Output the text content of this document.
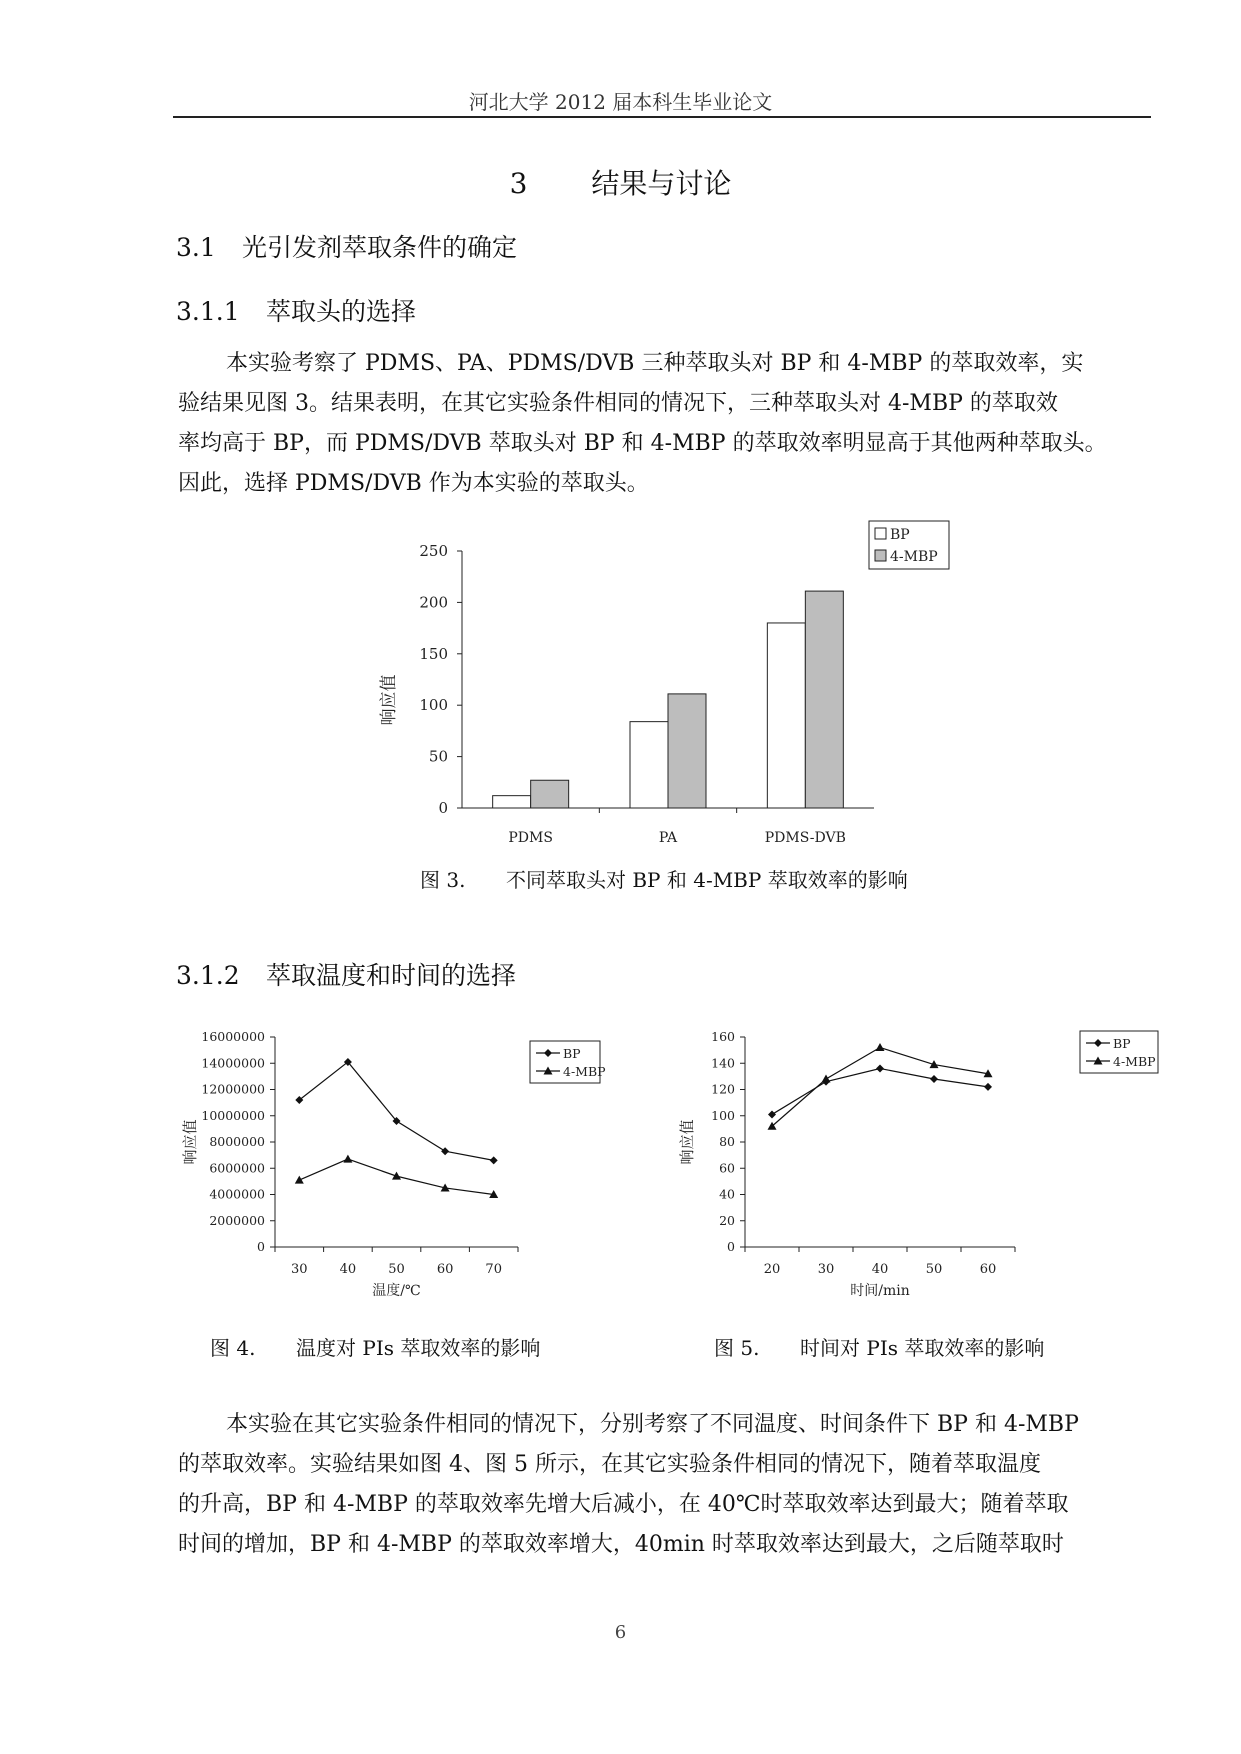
河北大学 2012 届本科生毕业论文
3 结果与讨论
3.1 光引发剂萃取条件的确定
3.1.1 萃取头的选择
本实验考察了 PDMS、PA、PDMS/DVB 三种萃取头对 BP 和 4-MBP 的萃取效率，实
验结果见图 3。结果表明，在其它实验条件相同的情况下，三种萃取头对 4-MBP 的萃取效
率均高于 BP，而 PDMS/DVB 萃取头对 BP 和 4-MBP 的萃取效率明显高于其他两种萃取头。
因此，选择 PDMS/DVB 作为本实验的萃取头。
0
50
100
150
200
250
PDMS	PA	PDMS-DVB
响应值
BP
4-MBP
图 3. 不同萃取头对 BP 和 4-MBP 萃取效率的影响
3.1.2 萃取温度和时间的选择
0
2000000
4000000
6000000
8000000
10000000
12000000
14000000
16000000
30 40 50 60 70
温度/℃
响应值
BP
4-MBP
图 4. 温度对 PIs 萃取效率的影响
0
20
40
60
80
100
120
140
160
20	30	40	50	60
时间/min
响应值
BP
4-MBP
图 5. 时间对 PIs 萃取效率的影响
本实验在其它实验条件相同的情况下，分别考察了不同温度、时间条件下 BP 和 4-MBP
的萃取效率。实验结果如图 4、图 5 所示，在其它实验条件相同的情况下，随着萃取温度
的升高，BP 和 4-MBP 的萃取效率先增大后减小，在 40℃时萃取效率达到最大；随着萃取
时间的增加，BP 和 4-MBP 的萃取效率增大，40min 时萃取效率达到最大，之后随萃取时
6
